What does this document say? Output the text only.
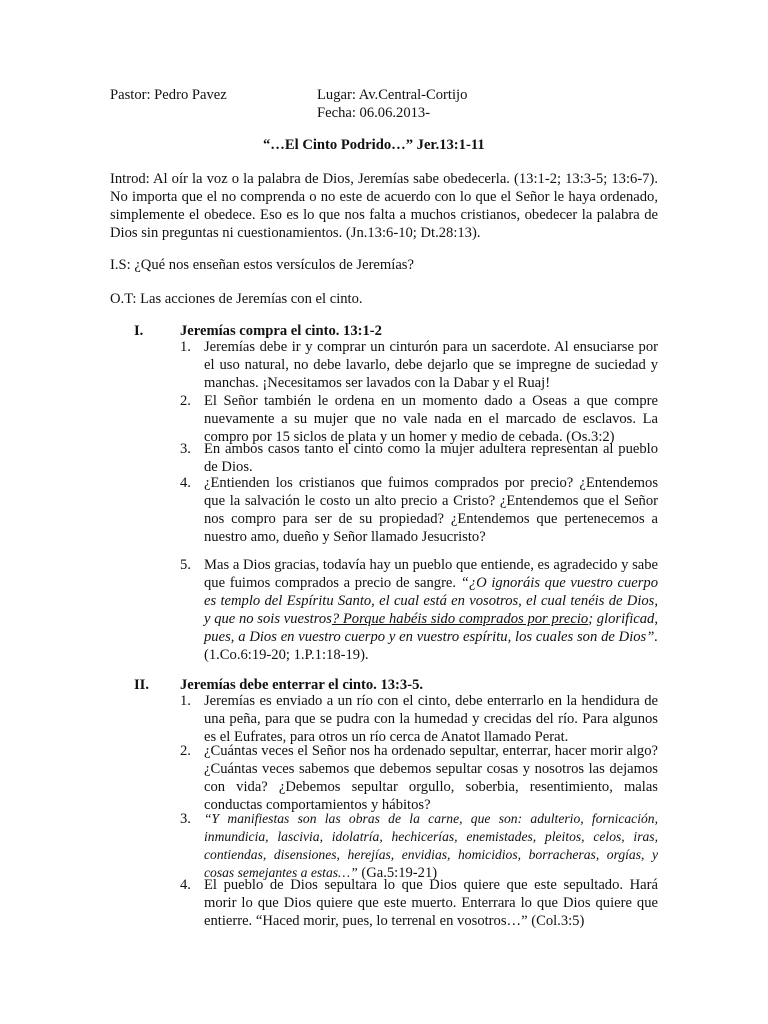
Pastor: Pedro Pavez	Lugar: Av.Central-Cortijo
Fecha: 06.06.2013-
“…El Cinto Podrido…” Jer.13:1-11
Introd: Al oír la voz o la palabra de Dios, Jeremías sabe obedecerla. (13:1-2; 13:3-5; 13:6-7). No importa que el no comprenda o no este de acuerdo con lo que el Señor le haya ordenado, simplemente el obedece. Eso es lo que nos falta a muchos cristianos, obedecer la palabra de Dios sin preguntas ni cuestionamientos. (Jn.13:6-10; Dt.28:13).
I.S: ¿Qué nos enseñan estos versículos de Jeremías?
O.T: Las acciones de Jeremías con el cinto.
I.	Jeremías compra el cinto. 13:1-2
1. Jeremías debe ir y comprar un cinturón para un sacerdote. Al ensuciarse por el uso natural, no debe lavarlo, debe dejarlo que se impregne de suciedad y manchas. ¡Necesitamos ser lavados con la Dabar y el Ruaj!
2. El Señor también le ordena en un momento dado a Oseas a que compre nuevamente a su mujer que no vale nada en el marcado de esclavos. La compro por 15 siclos de plata y un homer y medio de cebada. (Os.3:2)
3. En ambos casos tanto el cinto como la mujer adultera representan al pueblo de Dios.
4. ¿Entienden los cristianos que fuimos comprados por precio? ¿Entendemos que la salvación le costo un alto precio a Cristo? ¿Entendemos que el Señor nos compro para ser de su propiedad? ¿Entendemos que pertenecemos a nuestro amo, dueño y Señor llamado Jesucristo?
5. Mas a Dios gracias, todavía hay un pueblo que entiende, es agradecido y sabe que fuimos comprados a precio de sangre. “¿O ignoráis que vuestro cuerpo es templo del Espíritu Santo, el cual está en vosotros, el cual tenéis de Dios, y que no sois vuestros? Porque habéis sido comprados por precio; glorificad, pues, a Dios en vuestro cuerpo y en vuestro espíritu, los cuales son de Dios”. (1.Co.6:19-20; 1.P.1:18-19).
II. Jeremías debe enterrar el cinto. 13:3-5.
1. Jeremías es enviado a un río con el cinto, debe enterrarlo en la hendidura de una peña, para que se pudra con la humedad y crecidas del río. Para algunos es el Eufrates, para otros un río cerca de Anatot llamado Perat.
2. ¿Cuántas veces el Señor nos ha ordenado sepultar, enterrar, hacer morir algo? ¿Cuántas veces sabemos que debemos sepultar cosas y nosotros las dejamos con vida? ¿Debemos sepultar orgullo, soberbia, resentimiento, malas conductas comportamientos y hábitos?
3. “Y manifiestas son las obras de la carne, que son: adulterio, fornicación, inmundicia, lascivia, idolatría, hechicerías, enemistades, pleitos, celos, iras, contiendas, disensiones, herejías, envidias, homicidios, borracheras, orgías, y cosas semejantes a estas…” (Ga.5:19-21)
4. El pueblo de Dios sepultara lo que Dios quiere que este sepultado. Hará morir lo que Dios quiere que este muerto. Enterrara lo que Dios quiere que entierre. “Haced morir, pues, lo terrenal en vosotros…” (Col.3:5)
